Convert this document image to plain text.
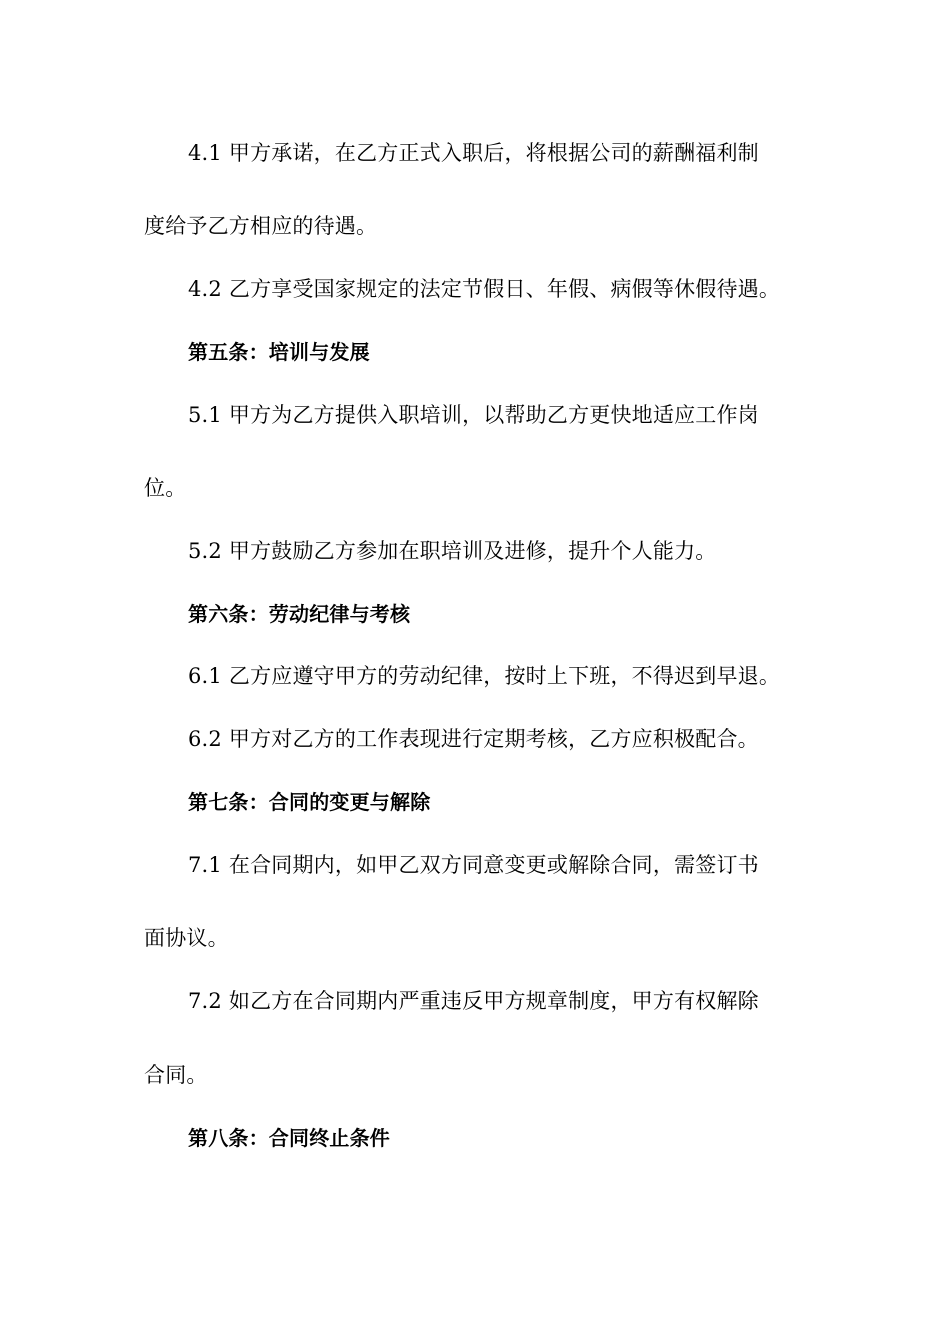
4.1 甲方承诺，在乙方正式入职后，将根据公司的薪酬福利制
度给予乙方相应的待遇。
4.2 乙方享受国家规定的法定节假日、年假、病假等休假待遇。
第五条：培训与发展
5.1 甲方为乙方提供入职培训，以帮助乙方更快地适应工作岗
位。
5.2 甲方鼓励乙方参加在职培训及进修，提升个人能力。
第六条：劳动纪律与考核
6.1 乙方应遵守甲方的劳动纪律，按时上下班，不得迟到早退。
6.2 甲方对乙方的工作表现进行定期考核，乙方应积极配合。
第七条：合同的变更与解除
7.1 在合同期内，如甲乙双方同意变更或解除合同，需签订书
面协议。
7.2 如乙方在合同期内严重违反甲方规章制度，甲方有权解除
合同。
第八条：合同终止条件
